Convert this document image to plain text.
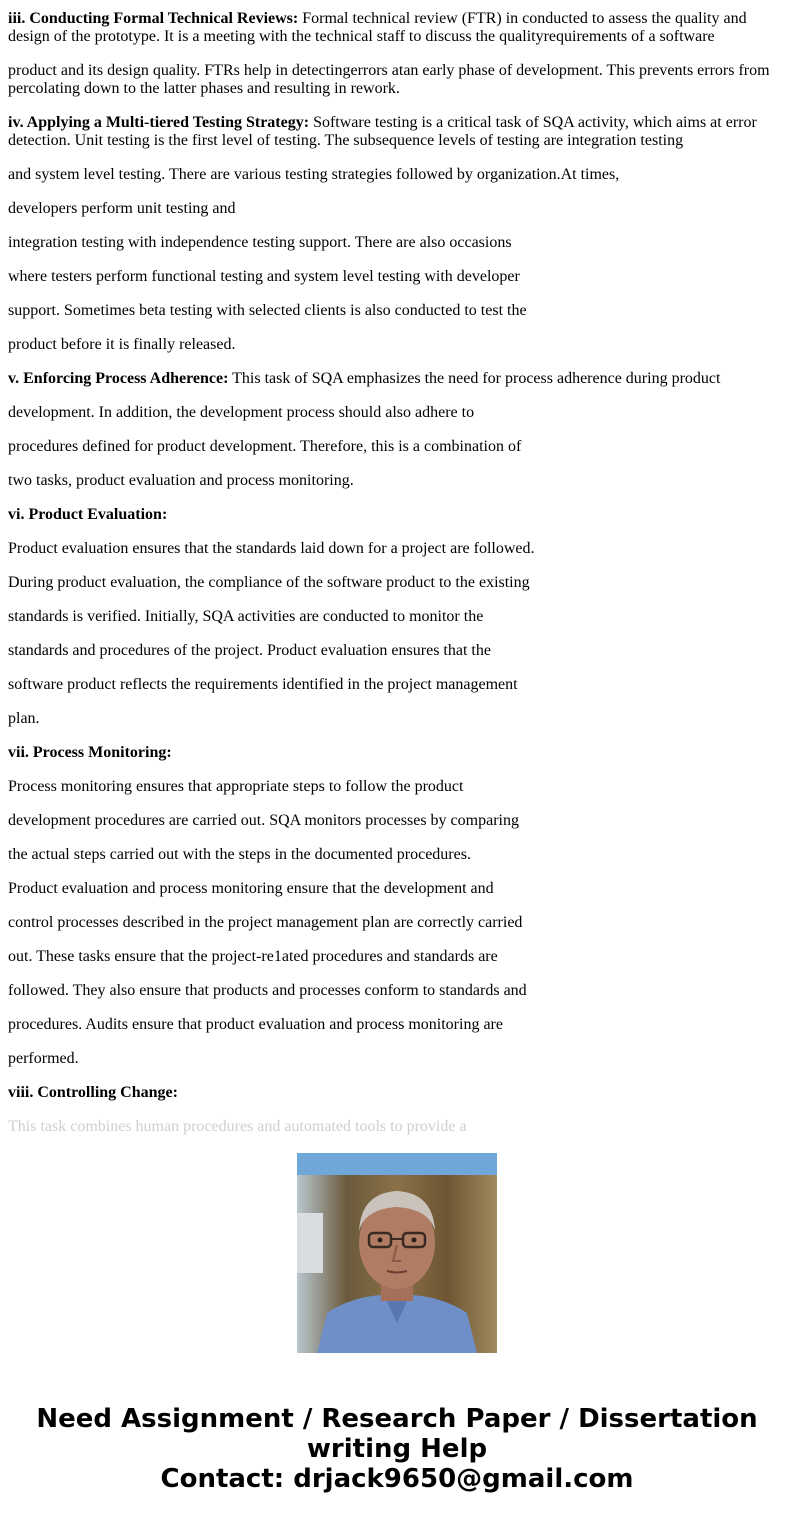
iii. Conducting Formal Technical Reviews: Formal technical review (FTR) in conducted to assess the quality and design of the prototype. It is a meeting with the technical staff to discuss the qualityrequirements of a software

product and its design quality. FTRs help in detectingerrors atan early phase of development. This prevents errors from percolating down to the latter phases and resulting in rework.

iv. Applying a Multi-tiered Testing Strategy: Software testing is a critical task of SQA activity, which aims at error detection. Unit testing is the first level of testing. The subsequence levels of testing are integration testing

and system level testing. There are various testing strategies followed by organization.At times,

developers perform unit testing and

integration testing with independence testing support. There are also occasions

where testers perform functional testing and system level testing with developer

support. Sometimes beta testing with selected clients is also conducted to test the

product before it is finally released.

v. Enforcing Process Adherence: This task of SQA emphasizes the need for process adherence during product

development. In addition, the development process should also adhere to

procedures defined for product development. Therefore, this is a combination of

two tasks, product evaluation and process monitoring.

vi. Product Evaluation:

Product evaluation ensures that the standards laid down for a project are followed.

During product evaluation, the compliance of the software product to the existing

standards is verified. Initially, SQA activities are conducted to monitor the

standards and procedures of the project. Product evaluation ensures that the

software product reflects the requirements identified in the project management

plan.

vii. Process Monitoring:

Process monitoring ensures that appropriate steps to follow the product

development procedures are carried out. SQA monitors processes by comparing

the actual steps carried out with the steps in the documented procedures.

Product evaluation and process monitoring ensure that the development and

control processes described in the project management plan are correctly carried

out. These tasks ensure that the project-re1ated procedures and standards are

followed. They also ensure that products and processes conform to standards and

procedures. Audits ensure that product evaluation and process monitoring are

performed.

viii. Controlling Change:

This task combines human procedures and automated tools to provide a

Need Assignment / Research Paper / Dissertation
writing Help
Contact: drjack9650@gmail.com
